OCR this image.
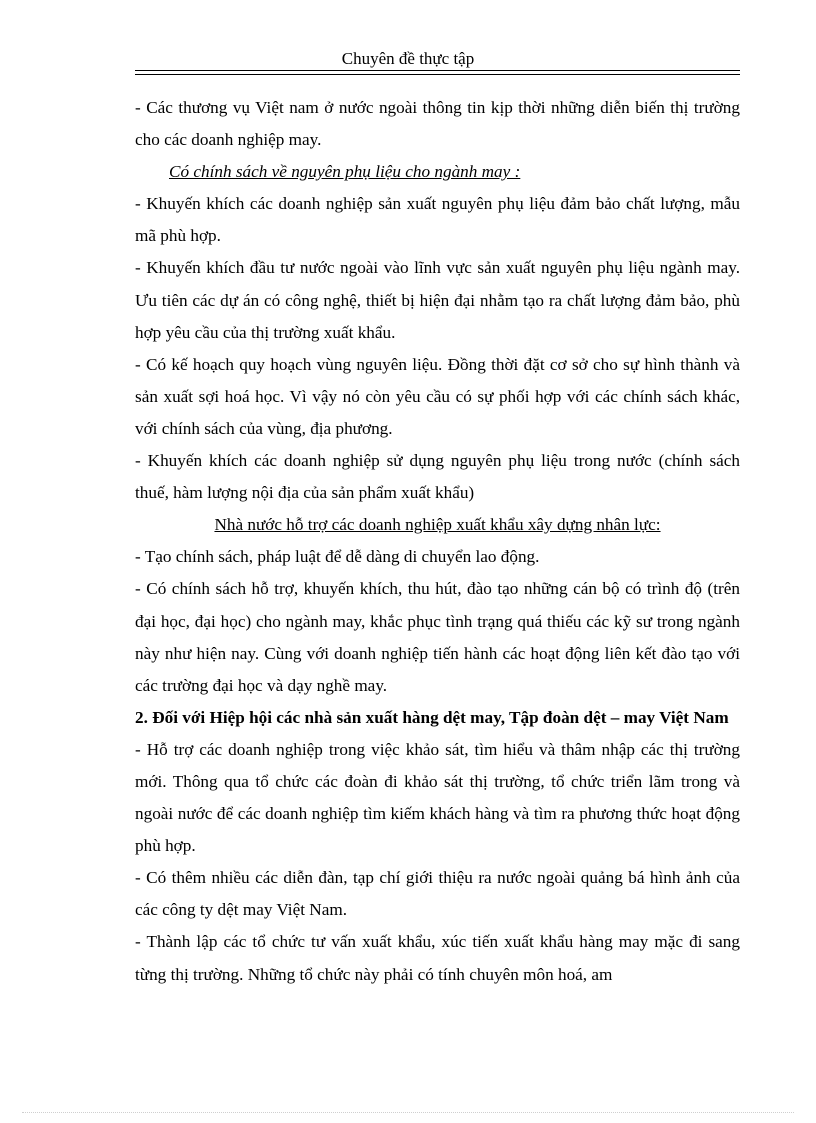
Chuyên đề thực tập

- Các thương vụ Việt nam ở nước ngoài thông tin kịp thời những diễn biến thị trường cho các doanh nghiệp may.

Có chính sách về nguyên phụ liệu cho ngành may :

- Khuyến khích các doanh nghiệp sản xuất nguyên phụ liệu đảm bảo chất lượng, mẫu mã phù hợp.

- Khuyến khích đầu tư nước ngoài vào lĩnh vực sản xuất nguyên phụ liệu ngành may. Ưu tiên các dự án có công nghệ, thiết bị hiện đại nhằm tạo ra chất lượng đảm bảo, phù hợp yêu cầu của thị trường xuất khẩu.

- Có kế hoạch quy hoạch vùng nguyên liệu. Đồng thời đặt cơ sở cho sự hình thành và sản xuất sợi hoá học. Vì vậy nó còn yêu cầu có sự phối hợp với các chính sách khác, với chính sách của vùng, địa phương.

- Khuyến khích các doanh nghiệp sử dụng nguyên phụ liệu trong nước (chính sách thuế, hàm lượng nội địa của sản phẩm xuất khẩu)

Nhà nước hỗ trợ các doanh nghiệp xuất khẩu xây dựng nhân lực:

- Tạo chính sách, pháp luật để dễ dàng di chuyển lao động.

- Có chính sách hỗ trợ, khuyến khích, thu hút, đào tạo những cán bộ có trình độ (trên đại học, đại học) cho ngành may, khắc phục tình trạng quá thiếu các kỹ sư trong ngành này như hiện nay. Cùng với doanh nghiệp tiến hành các hoạt động liên kết đào tạo với các trường đại học và dạy nghề may.

2. Đối với Hiệp hội các nhà sản xuất hàng dệt may, Tập đoàn dệt – may Việt Nam

- Hỗ trợ các doanh nghiệp trong việc khảo sát, tìm hiểu và thâm nhập các thị trường mới. Thông qua tổ chức các đoàn đi khảo sát thị trường, tổ chức triển lãm trong và ngoài nước để các doanh nghiệp tìm kiếm khách hàng và tìm ra phương thức hoạt động phù hợp.

- Có thêm nhiều các diễn đàn, tạp chí giới thiệu ra nước ngoài quảng bá hình ảnh của các công ty dệt may Việt Nam.

- Thành lập các tổ chức tư vấn xuất khẩu, xúc tiến xuất khẩu hàng may mặc đi sang từng thị trường. Những tổ chức này phải có tính chuyên môn hoá, am
